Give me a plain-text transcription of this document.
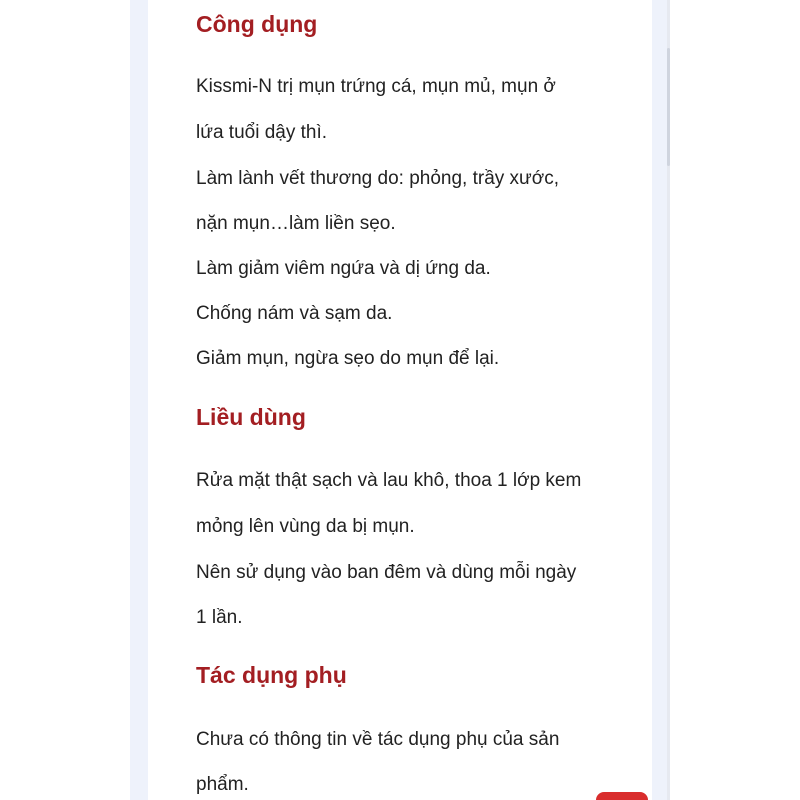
Công dụng

Kissmi-N trị mụn trứng cá, mụn mủ, mụn ở

lứa tuổi dậy thì.

Làm lành vết thương do: phỏng, trầy xước,

nặn mụn…làm liền sẹo.

Làm giảm viêm ngứa và dị ứng da.

Chống nám và sạm da.

Giảm mụn, ngừa sẹo do mụn để lại.

Liều dùng

Rửa mặt thật sạch và lau khô, thoa 1 lớp kem

mỏng lên vùng da bị mụn.

Nên sử dụng vào ban đêm và dùng mỗi ngày

1 lần.

Tác dụng phụ

Chưa có thông tin về tác dụng phụ của sản

phẩm.
